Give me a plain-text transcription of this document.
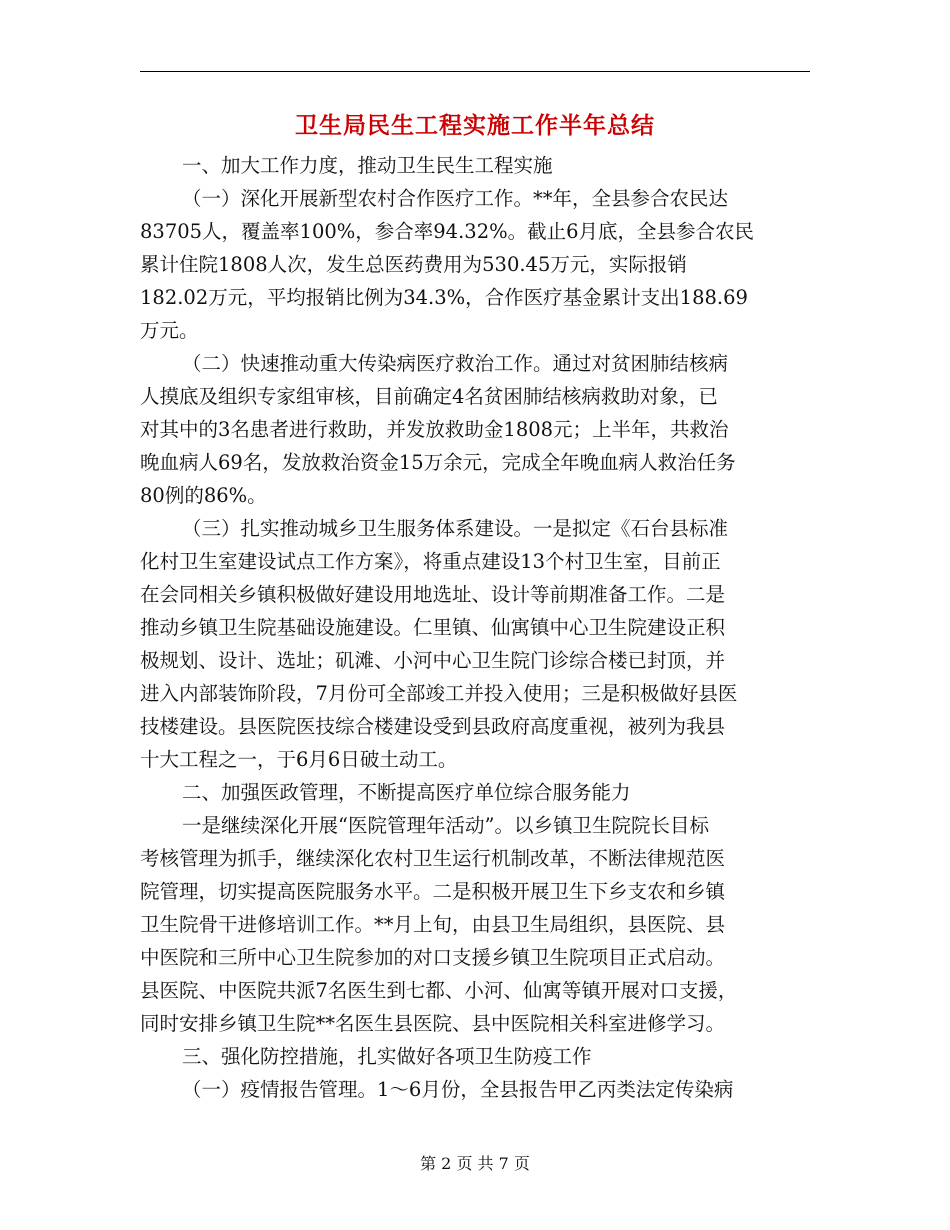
卫生局民生工程实施工作半年总结
一、加大工作力度，推动卫生民生工程实施
（一）深化开展新型农村合作医疗工作。**年，全县参合农民达
83705人，覆盖率100%，参合率94.32%。截止6月底，全县参合农民
累计住院1808人次，发生总医药费用为530.45万元，实际报销
182.02万元，平均报销比例为34.3%，合作医疗基金累计支出188.69
万元。
（二）快速推动重大传染病医疗救治工作。通过对贫困肺结核病
人摸底及组织专家组审核，目前确定4名贫困肺结核病救助对象，已
对其中的3名患者进行救助，并发放救助金1808元；上半年，共救治
晚血病人69名，发放救治资金15万余元，完成全年晚血病人救治任务
80例的86%。
（三）扎实推动城乡卫生服务体系建设。一是拟定《石台县标准
化村卫生室建设试点工作方案》，将重点建设13个村卫生室，目前正
在会同相关乡镇积极做好建设用地选址、设计等前期准备工作。二是
推动乡镇卫生院基础设施建设。仁里镇、仙寓镇中心卫生院建设正积
极规划、设计、选址；矶滩、小河中心卫生院门诊综合楼已封顶，并
进入内部装饰阶段，7月份可全部竣工并投入使用；三是积极做好县医
技楼建设。县医院医技综合楼建设受到县政府高度重视，被列为我县
十大工程之一，于6月6日破土动工。
二、加强医政管理，不断提高医疗单位综合服务能力
一是继续深化开展“医院管理年活动”。以乡镇卫生院院长目标
考核管理为抓手，继续深化农村卫生运行机制改革，不断法律规范医
院管理，切实提高医院服务水平。二是积极开展卫生下乡支农和乡镇
卫生院骨干进修培训工作。**月上旬，由县卫生局组织，县医院、县
中医院和三所中心卫生院参加的对口支援乡镇卫生院项目正式启动。
县医院、中医院共派7名医生到七都、小河、仙寓等镇开展对口支援，
同时安排乡镇卫生院**名医生县医院、县中医院相关科室进修学习。
三、强化防控措施，扎实做好各项卫生防疫工作
（一）疫情报告管理。1～6月份，全县报告甲乙丙类法定传染病
第 2 页 共 7 页
